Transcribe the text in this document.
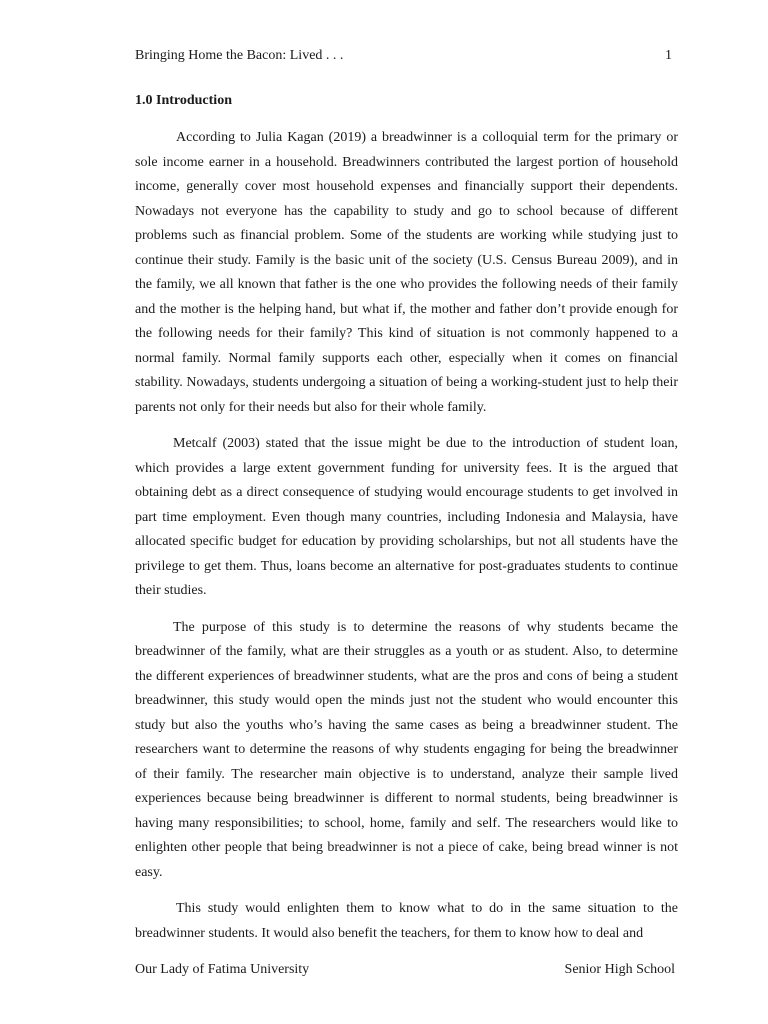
Bringing Home the Bacon: Lived . . .	1
1.0 Introduction

According to Julia Kagan (2019) a breadwinner is a colloquial term for the primary or sole income earner in a household. Breadwinners contributed the largest portion of household income, generally cover most household expenses and financially support their dependents. Nowadays not everyone has the capability to study and go to school because of different problems such as financial problem. Some of the students are working while studying just to continue their study. Family is the basic unit of the society (U.S. Census Bureau 2009), and in the family, we all known that father is the one who provides the following needs of their family and the mother is the helping hand, but what if, the mother and father don’t provide enough for the following needs for their family? This kind of situation is not commonly happened to a normal family. Normal family supports each other, especially when it comes on financial stability. Nowadays, students undergoing a situation of being a working-student just to help their parents not only for their needs but also for their whole family.

Metcalf (2003) stated that the issue might be due to the introduction of student loan, which provides a large extent government funding for university fees. It is the argued that obtaining debt as a direct consequence of studying would encourage students to get involved in part time employment. Even though many countries, including Indonesia and Malaysia, have allocated specific budget for education by providing scholarships, but not all students have the privilege to get them. Thus, loans become an alternative for post-graduates students to continue their studies.

The purpose of this study is to determine the reasons of why students became the breadwinner of the family, what are their struggles as a youth or as student. Also, to determine the different experiences of breadwinner students, what are the pros and cons of being a student breadwinner, this study would open the minds just not the student who would encounter this study but also the youths who’s having the same cases as being a breadwinner student. The researchers want to determine the reasons of why students engaging for being the breadwinner of their family. The researcher main objective is to understand, analyze their sample lived experiences because being breadwinner is different to normal students, being breadwinner is having many responsibilities; to school, home, family and self. The researchers would like to enlighten other people that being breadwinner is not a piece of cake, being bread winner is not easy.

This study would enlighten them to know what to do in the same situation to the breadwinner students. It would also benefit the teachers, for them to know how to deal and

Our Lady of Fatima University	Senior High School
